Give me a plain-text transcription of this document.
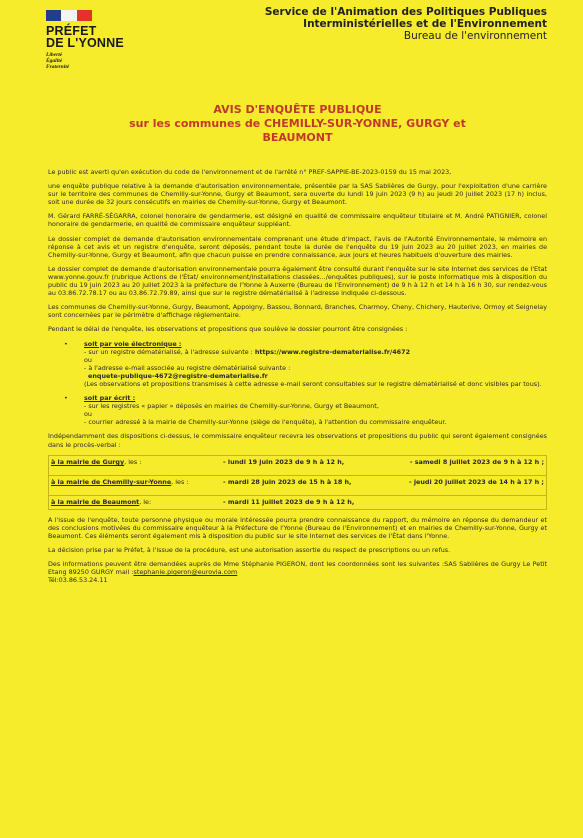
PRÉFET
DE L'YONNE
Liberté
Égalité
Fraternité
Service de l'Animation des Politiques Publiques
Interministérielles et de l'Environnement
Bureau de l'environnement
AVIS D'ENQUÊTE PUBLIQUE
sur les communes de CHEMILLY-SUR-YONNE, GURGY et
BEAUMONT

Le public est averti qu'en exécution du code de l'environnement et de l'arrêté n° PREF-SAPPIE-BE-2023-0159 du 15 mai 2023,

une enquête publique relative à la demande d'autorisation environnementale, présentée par la SAS Sablières de Gurgy, pour l'exploitation d'une carrière sur le territoire des communes de Chemilly-sur-Yonne, Gurgy et Beaumont, sera ouverte du lundi 19 juin 2023 (9 h) au jeudi 20 juillet 2023 (17 h) inclus, soit une durée de 32 jours consécutifs en mairies de Chemilly-sur-Yonne, Gurgy et Beaumont.

M. Gérard FARRÉ-SÉGARRA, colonel honoraire de gendarmerie, est désigné en qualité de commissaire enquêteur titulaire et M. André PATIGNIER, colonel honoraire de gendarmerie, en qualité de commissaire enquêteur suppléant.

Le dossier complet de demande d'autorisation environnementale comprenant une étude d'impact, l'avis de l'Autorité Environnementale, le mémoire en réponse à cet avis et un registre d'enquête, seront déposés, pendant toute la durée de l'enquête du 19 juin 2023 au 20 juillet 2023, en mairies de Chemilly-sur-Yonne, Gurgy et Beaumont, afin que chacun puisse en prendre connaissance, aux jours et heures habituels d'ouverture des mairies.

Le dossier complet de demande d'autorisation environnementale pourra également être consulté durant l'enquête sur le site Internet des services de l'Etat www.yonne.gouv.fr (rubrique Actions de l'État/ environnement/installations classées.../enquêtes publiques), sur le poste informatique mis à disposition du public du 19 juin 2023 au 20 juillet 2023 à la préfecture de l'Yonne à Auxerre (Bureau de l'Environnement) de 9 h à 12 h et 14 h à 16 h 30, sur rendez-vous au 03.86.72.78.17 ou au 03.86.72.79.89, ainsi que sur le registre dématérialisé à l'adresse indiquée ci-dessous.

Les communes de Chemilly-sur-Yonne, Gurgy, Beaumont, Appoigny, Bassou, Bonnard, Branches, Charmoy, Cheny, Chichery, Hauterive, Ormoy et Seignelay sont concernées par le périmètre d'affichage réglementaire.

Pendant le délai de l'enquête, les observations et propositions que soulève le dossier pourront être consignées :

•	soit par voie électronique :
- sur un registre dématérialisé, à l'adresse suivante : https://www.registre-dematerialise.fr/4672
ou
- à l'adresse e-mail associée au registre dématérialisé suivante :
enquete-publique-4672@registre-dematerialise.fr
(Les observations et propositions transmises à cette adresse e-mail seront consultables sur le registre dématérialisé et donc visibles par tous).
•	soit par écrit :
- sur les registres « papier » déposés en mairies de Chemilly-sur-Yonne, Gurgy et Beaumont,
ou
- courrier adressé à la mairie de Chemilly-sur-Yonne (siège de l'enquête), à l'attention du commissaire enquêteur.

Indépendamment des dispositions ci-dessus, le commissaire enquêteur recevra les observations et propositions du public qui seront également consignées dans le procès-verbal :

à la mairie de Gurgy, les :	- lundi 19 juin 2023 de 9 h à 12 h,	- samedi 8 juillet 2023 de 9 h à 12 h ;
à la mairie de Chemilly-sur-Yonne, les :	- mardi 28 juin 2023 de 15 h à 18 h,	- jeudi 20 juillet 2023 de 14 h à 17 h ;
à la mairie de Beaumont, le:	- mardi 11 juillet 2023 de 9 h à 12 h,

A l'issue de l'enquête, toute personne physique ou morale intéressée pourra prendre connaissance du rapport, du mémoire en réponse du demandeur et des conclusions motivées du commissaire enquêteur à la Préfecture de l'Yonne (Bureau de l'Environnement) et en mairies de Chemilly-sur-Yonne, Gurgy et Beaumont. Ces éléments seront également mis à disposition du public sur le site Internet des services de l'État dans l'Yonne.

La décision prise par le Préfet, à l'issue de la procédure, est une autorisation assortie du respect de prescriptions ou un refus.

Des informations peuvent être demandées auprès de Mme Stéphanie PIGERON, dont les coordonnées sont les suivantes :SAS Sablières de Gurgy Le Petit Etang 89250 GURGY mail :stephanie.pigeron@eurovia.com
Tél:03.86.53.24.11
